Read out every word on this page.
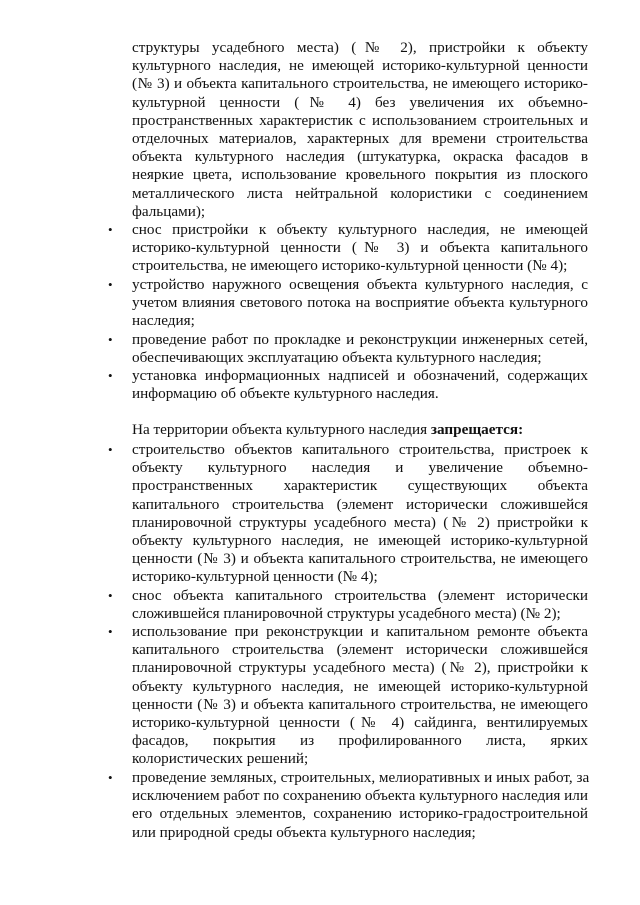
структуры усадебного места) (№ 2), пристройки к объекту
культурного наследия, не имеющей историко-культурной ценности
(№ 3) и объекта капитального строительства, не имеющего историко-
культурной ценности (№ 4) без увеличения их объемно-
пространственных характеристик с использованием строительных и
отделочных материалов, характерных для времени строительства
объекта культурного наследия (штукатурка, окраска фасадов в
неяркие цвета, использование кровельного покрытия из плоского
металлического листа нейтральной колористики с соединением
фальцами);
•	снос пристройки к объекту культурного наследия, не имеющей
историко-культурной ценности (№ 3) и объекта капитального
строительства, не имеющего историко-культурной ценности (№ 4);
•	устройство наружного освещения объекта культурного наследия, с
учетом влияния светового потока на восприятие объекта культурного
наследия;
•	проведение работ по прокладке и реконструкции инженерных сетей,
обеспечивающих эксплуатацию объекта культурного наследия;
•	установка информационных надписей и обозначений, содержащих
информацию об объекте культурного наследия.
На территории объекта культурного наследия запрещается:
•	строительство объектов капитального строительства, пристроек к
объекту культурного наследия и увеличение объемно-
пространственных характеристик существующих объекта
капитального строительства (элемент исторически сложившейся
планировочной структуры усадебного места) (№ 2) пристройки к
объекту культурного наследия, не имеющей историко-культурной
ценности (№ 3) и объекта капитального строительства, не имеющего
историко-культурной ценности (№ 4);
•	снос объекта капитального строительства (элемент исторически
сложившейся планировочной структуры усадебного места) (№ 2);
•	использование при реконструкции и капитальном ремонте объекта
капитального строительства (элемент исторически сложившейся
планировочной структуры усадебного места) (№ 2), пристройки к
объекту культурного наследия, не имеющей историко-культурной
ценности (№ 3) и объекта капитального строительства, не имеющего
историко-культурной ценности (№ 4) сайдинга, вентилируемых
фасадов, покрытия из профилированного листа, ярких
колористических решений;
•	проведение земляных, строительных, мелиоративных и иных работ, за
исключением работ по сохранению объекта культурного наследия или
его отдельных элементов, сохранению историко-градостроительной
или природной среды объекта культурного наследия;
